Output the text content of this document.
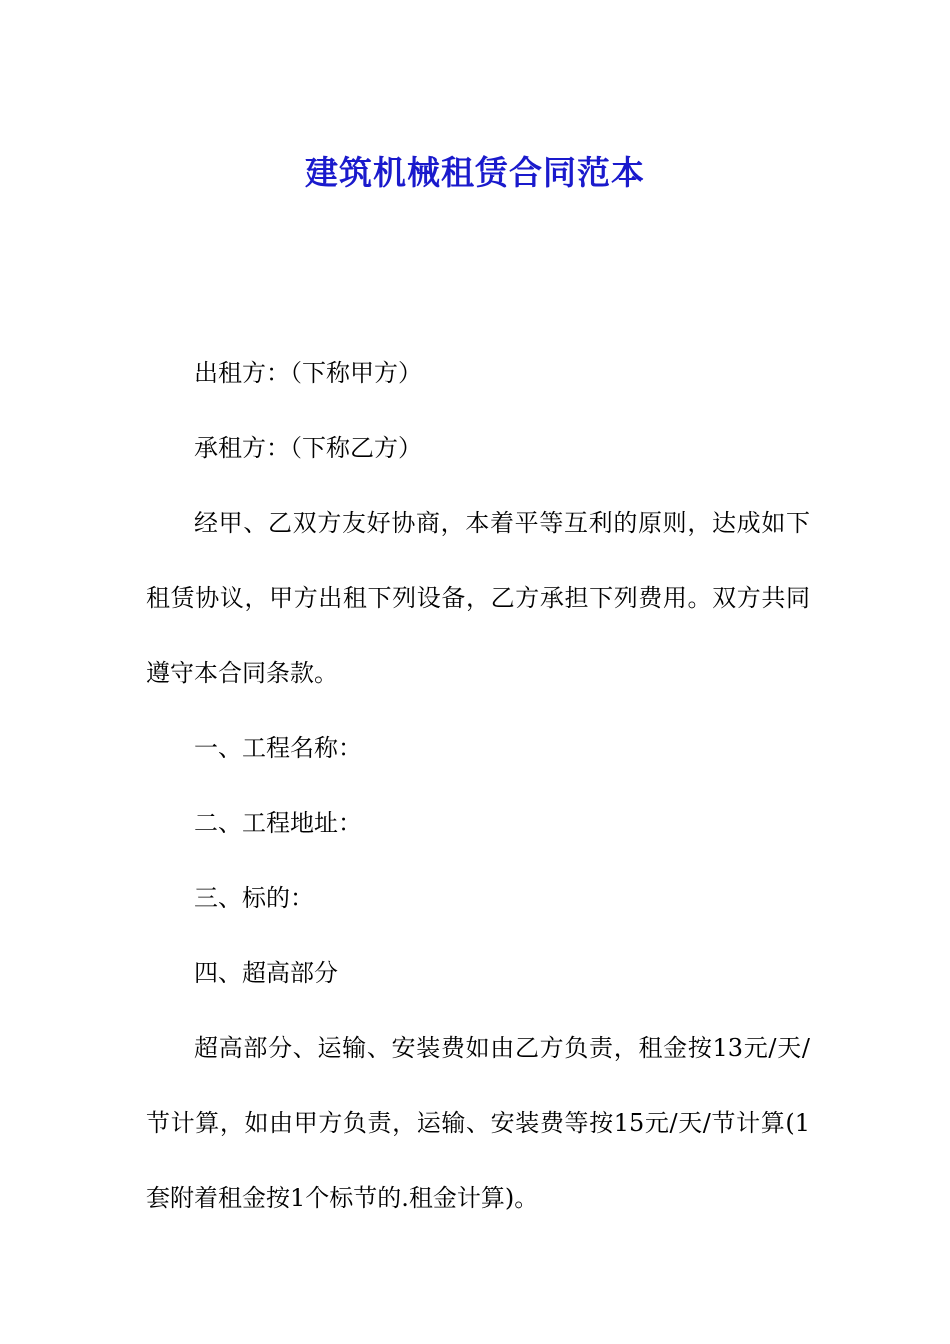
建筑机械租赁合同范本

出租方：（下称甲方）

承租方：（下称乙方）

经甲、乙双方友好协商，本着平等互利的原则，达成如下租赁协议，甲方出租下列设备，乙方承担下列费用。双方共同遵守本合同条款。

一、工程名称：

二、工程地址：

三、标的：

四、超高部分

超高部分、运输、安装费如由乙方负责，租金按13元/天/节计算，如由甲方负责，运输、安装费等按15元/天/节计算(1套附着租金按1个标节的.租金计算)。
